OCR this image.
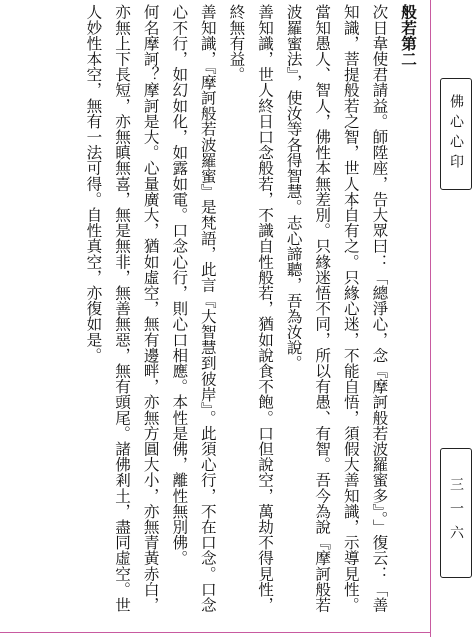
般若第二

次日韋使君請益。師陞座，告大眾曰：「總淨心，念『摩訶般若波羅蜜多』。」復云：「善知識，菩提般若之智，世人本自有之。只緣心迷，不能自悟，須假大善知識，示導見性。當知愚人、智人，佛性本無差別。只緣迷悟不同，所以有愚、有智。吾今為說『摩訶般若波羅蜜法』，使汝等各得智慧。志心諦聽，吾為汝說。

善知識，世人終日口念般若，不識自性般若，猶如說食不飽。口但說空，萬劫不得見性，終無有益。

善知識，『摩訶般若波羅蜜』是梵語，此言『大智慧到彼岸』。此須心行，不在口念。口念心不行，如幻如化，如露如電。口念心行，則心口相應。本性是佛，離性無別佛。

何名摩訶？摩訶是大。心量廣大，猶如虛空，無有邊畔，亦無方圓大小，亦無青黃赤白，亦無上下長短，亦無瞋無喜，無是無非，無善無惡，無有頭尾。諸佛剎土，盡同虛空。世人妙性本空，無有一法可得。自性真空，亦復如是。	佛心心印
三一六
